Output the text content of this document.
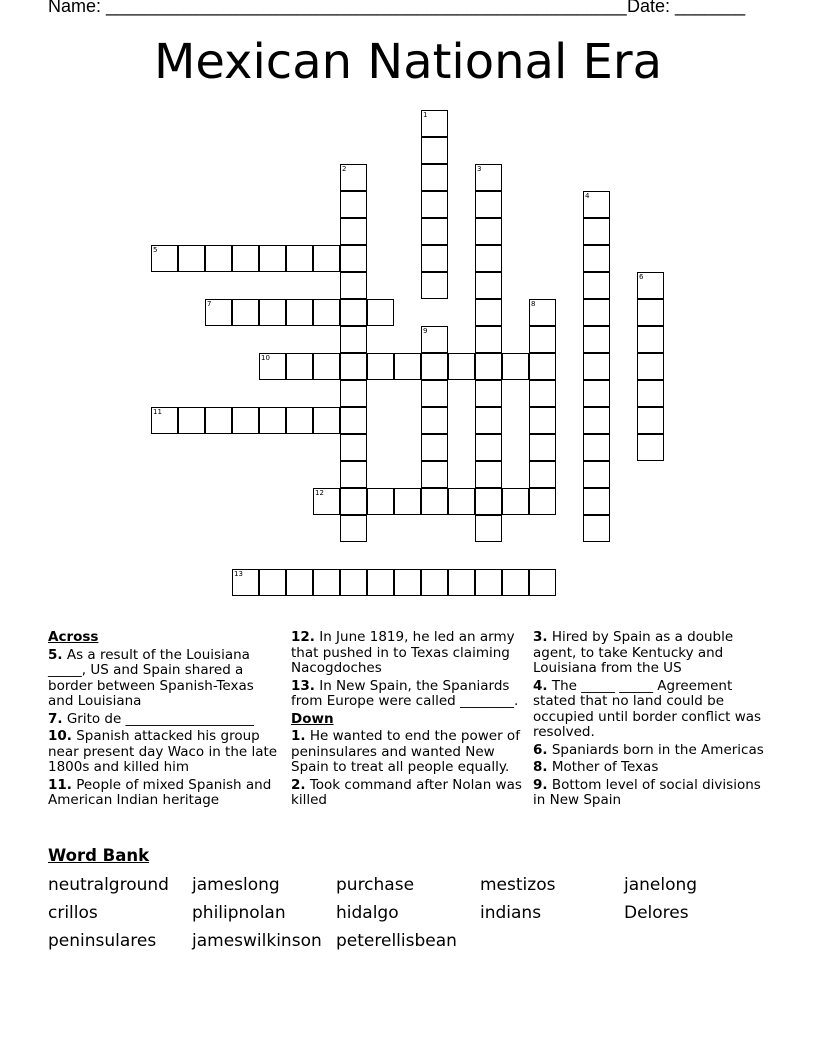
Name: ____________________________________________________

Date: _______

Mexican National Era
1
2	3
4
5
6
7	8
9
10
11
12
13
Across
5. As a result of the Louisiana _____, US and Spain shared a border between Spanish-Texas and Louisiana
7. Grito de ___________________
10. Spanish attacked his group near present day Waco in the late 1800s and killed him
11. People of mixed Spanish and American Indian heritage
12. In June 1819, he led an army that pushed in to Texas claiming Nacogdoches
13. In New Spain, the Spaniards from Europe were called ________.
Down
1. He wanted to end the power of peninsulares and wanted New Spain to treat all people equally.
2. Took command after Nolan was killed
3. Hired by Spain as a double agent, to take Kentucky and Louisiana from the US
4. The _____ _____ Agreement stated that no land could be occupied until border conflict was resolved.
6. Spaniards born in the Americas
8. Mother of Texas
9. Bottom level of social divisions in New Spain
Word Bank
neutralground jameslong	purchase	mestizos	janelong
crillos	philipnolan	hidalgo	indians	Delores
peninsulares jameswilkinson peterellisbean
